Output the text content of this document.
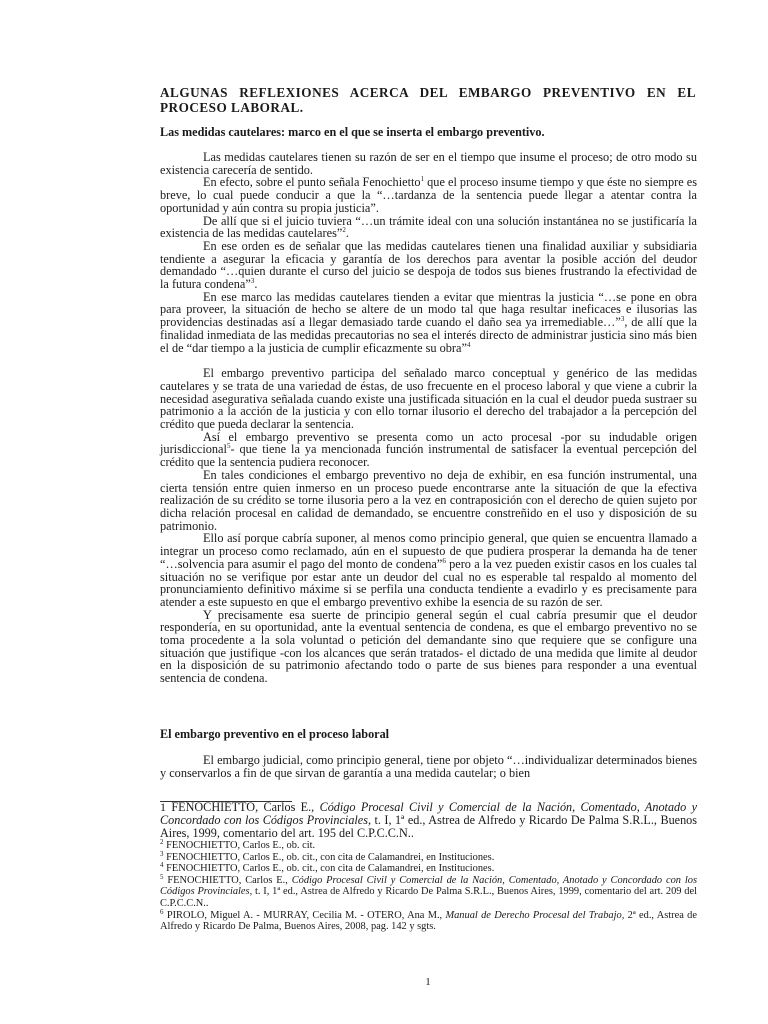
ALGUNAS REFLEXIONES ACERCA DEL EMBARGO PREVENTIVO EN EL
PROCESO LABORAL.
Las medidas cautelares: marco en el que se inserta el embargo preventivo.

Las medidas cautelares tienen su razón de ser en el tiempo que insume el proceso; de otro modo su existencia carecería de sentido.

En efecto, sobre el punto señala Fenochietto$^1$ que el proceso insume tiempo y que éste no siempre es breve, lo cual puede conducir a que la “…tardanza de la sentencia puede llegar a atentar contra la oportunidad y aún contra su propia justicia”.

De allí que si el juicio tuviera “…un trámite ideal con una solución instantánea no se justificaría la existencia de las medidas cautelares”$^2$.

En ese orden es de señalar que las medidas cautelares tienen una finalidad auxiliar y subsidiaria tendiente a asegurar la eficacia y garantía de los derechos para aventar la posible acción del deudor demandado “…quien durante el curso del juicio se despoja de todos sus bienes frustrando la efectividad de la futura condena”$^3$.

En ese marco las medidas cautelares tienden a evitar que mientras la justicia “…se pone en obra para proveer, la situación de hecho se altere de un modo tal que haga resultar ineficaces e ilusorias las providencias destinadas así a llegar demasiado tarde cuando el daño sea ya irremediable…”$^3$, de allí que la finalidad inmediata de las medidas precautorias no sea el interés directo de administrar justicia sino más bien el de “dar tiempo a la justicia de cumplir eficazmente su obra”$^4$

El embargo preventivo participa del señalado marco conceptual y genérico de las medidas cautelares y se trata de una variedad de éstas, de uso frecuente en el proceso laboral y que viene a cubrir la necesidad asegurativa señalada cuando existe una justificada situación en la cual el deudor pueda sustraer su patrimonio a la acción de la justicia y con ello tornar ilusorio el derecho del trabajador a la percepción del crédito que pueda declarar la sentencia.

Así el embargo preventivo se presenta como un acto procesal -por su indudable origen jurisdiccional$^5$- que tiene la ya mencionada función instrumental de satisfacer la eventual percepción del crédito que la sentencia pudiera reconocer.

En tales condiciones el embargo preventivo no deja de exhibir, en esa función instrumental, una cierta tensión entre quien inmerso en un proceso puede encontrarse ante la situación de que la efectiva realización de su crédito se torne ilusoria pero a la vez en contraposición con el derecho de quien sujeto por dicha relación procesal en calidad de demandado, se encuentre constreñido en el uso y disposición de su patrimonio.

Ello así porque cabría suponer, al menos como principio general, que quien se encuentra llamado a integrar un proceso como reclamado, aún en el supuesto de que pudiera prosperar la demanda ha de tener “…solvencia para asumir el pago del monto de condena”$^6$ pero a la vez pueden existir casos en los cuales tal situación no se verifique por estar ante un deudor del cual no es esperable tal respaldo al momento del pronunciamiento definitivo máxime si se perfila una conducta tendiente a evadirlo y es precisamente para atender a este supuesto en que el embargo preventivo exhibe la esencia de su razón de ser.

Y precisamente esa suerte de principio general según el cual cabría presumir que el deudor respondería, en su oportunidad, ante la eventual sentencia de condena, es que el embargo preventivo no se toma procedente a la sola voluntad o petición del demandante sino que requiere que se configure una situación que justifique -con los alcances que serán tratados- el dictado de una medida que limite al deudor en la disposición de su patrimonio afectando todo o parte de sus bienes para responder a una eventual sentencia de condena.

El embargo preventivo en el proceso laboral

El embargo judicial, como principio general, tiene por objeto “…individualizar determinados bienes y conservarlos a fin de que sirvan de garantía a una medida cautelar; o bien

1 FENOCHIETTO, Carlos E., Código Procesal Civil y Comercial de la Nación, Comentado, Anotado y Concordado con los Códigos Provinciales, t. I, 1ª ed., Astrea de Alfredo y Ricardo De Palma S.R.L., Buenos Aires, 1999, comentario del art. 195 del C.P.C.C.N..

$^2$ FENOCHIETTO, Carlos E., ob. cit.

$^3$ FENOCHIETTO, Carlos E., ob. cit., con cita de Calamandrei, en Instituciones.

$^4$ FENOCHIETTO, Carlos E., ob. cit., con cita de Calamandrei, en Instituciones.

$^5$ FENOCHIETTO, Carlos E., Código Procesal Civil y Comercial de la Nación, Comentado, Anotado y Concordado con los Códigos Provinciales, t. I, 1ª ed., Astrea de Alfredo y Ricardo De Palma S.R.L., Buenos Aires, 1999, comentario del art. 209 del C.P.C.C.N..

$^6$ PIROLO, Miguel A. - MURRAY, Cecilia M. - OTERO, Ana M., Manual de Derecho Procesal del Trabajo, 2ª ed., Astrea de Alfredo y Ricardo De Palma, Buenos Aires, 2008, pag. 142 y sgts.

1
